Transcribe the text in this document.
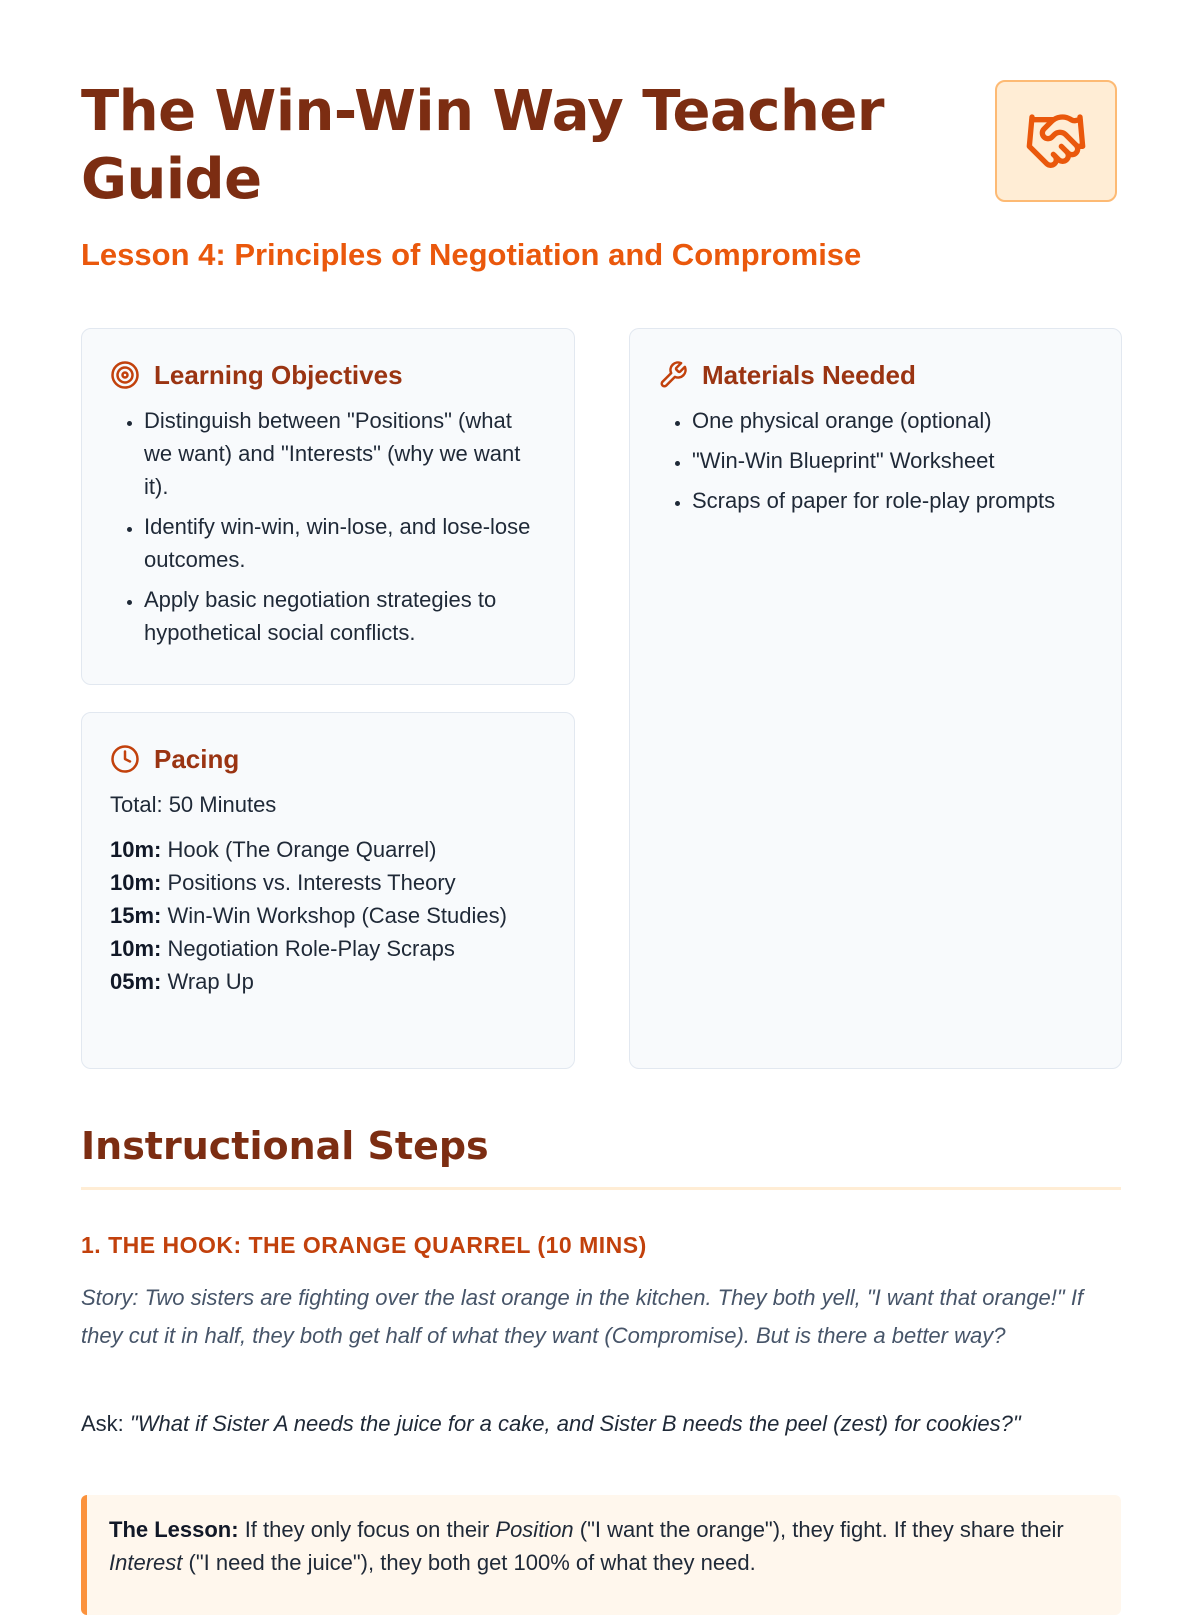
The Win-Win Way Teacher Guide
Lesson 4: Principles of Negotiation and Compromise
Learning Objectives
• Distinguish between "Positions" (what we want) and "Interests" (why we want it).
• Identify win-win, win-lose, and lose-lose outcomes.
• Apply basic negotiation strategies to hypothetical social conflicts.
Materials Needed
• One physical orange (optional)
• "Win-Win Blueprint" Worksheet
• Scraps of paper for role-play prompts
Pacing
Total: 50 Minutes
10m: Hook (The Orange Quarrel)
10m: Positions vs. Interests Theory
15m: Win-Win Workshop (Case Studies)
10m: Negotiation Role-Play Scraps
05m: Wrap Up
Instructional Steps
1. THE HOOK: THE ORANGE QUARREL (10 MINS)

Story: Two sisters are fighting over the last orange in the kitchen. They both yell, "I want that orange!" If they cut it in half, they both get half of what they want (Compromise). But is there a better way?

Ask: "What if Sister A needs the juice for a cake, and Sister B needs the peel (zest) for cookies?"

The Lesson: If they only focus on their Position ("I want the orange"), they fight. If they share their Interest ("I need the juice"), they both get 100% of what they need.
